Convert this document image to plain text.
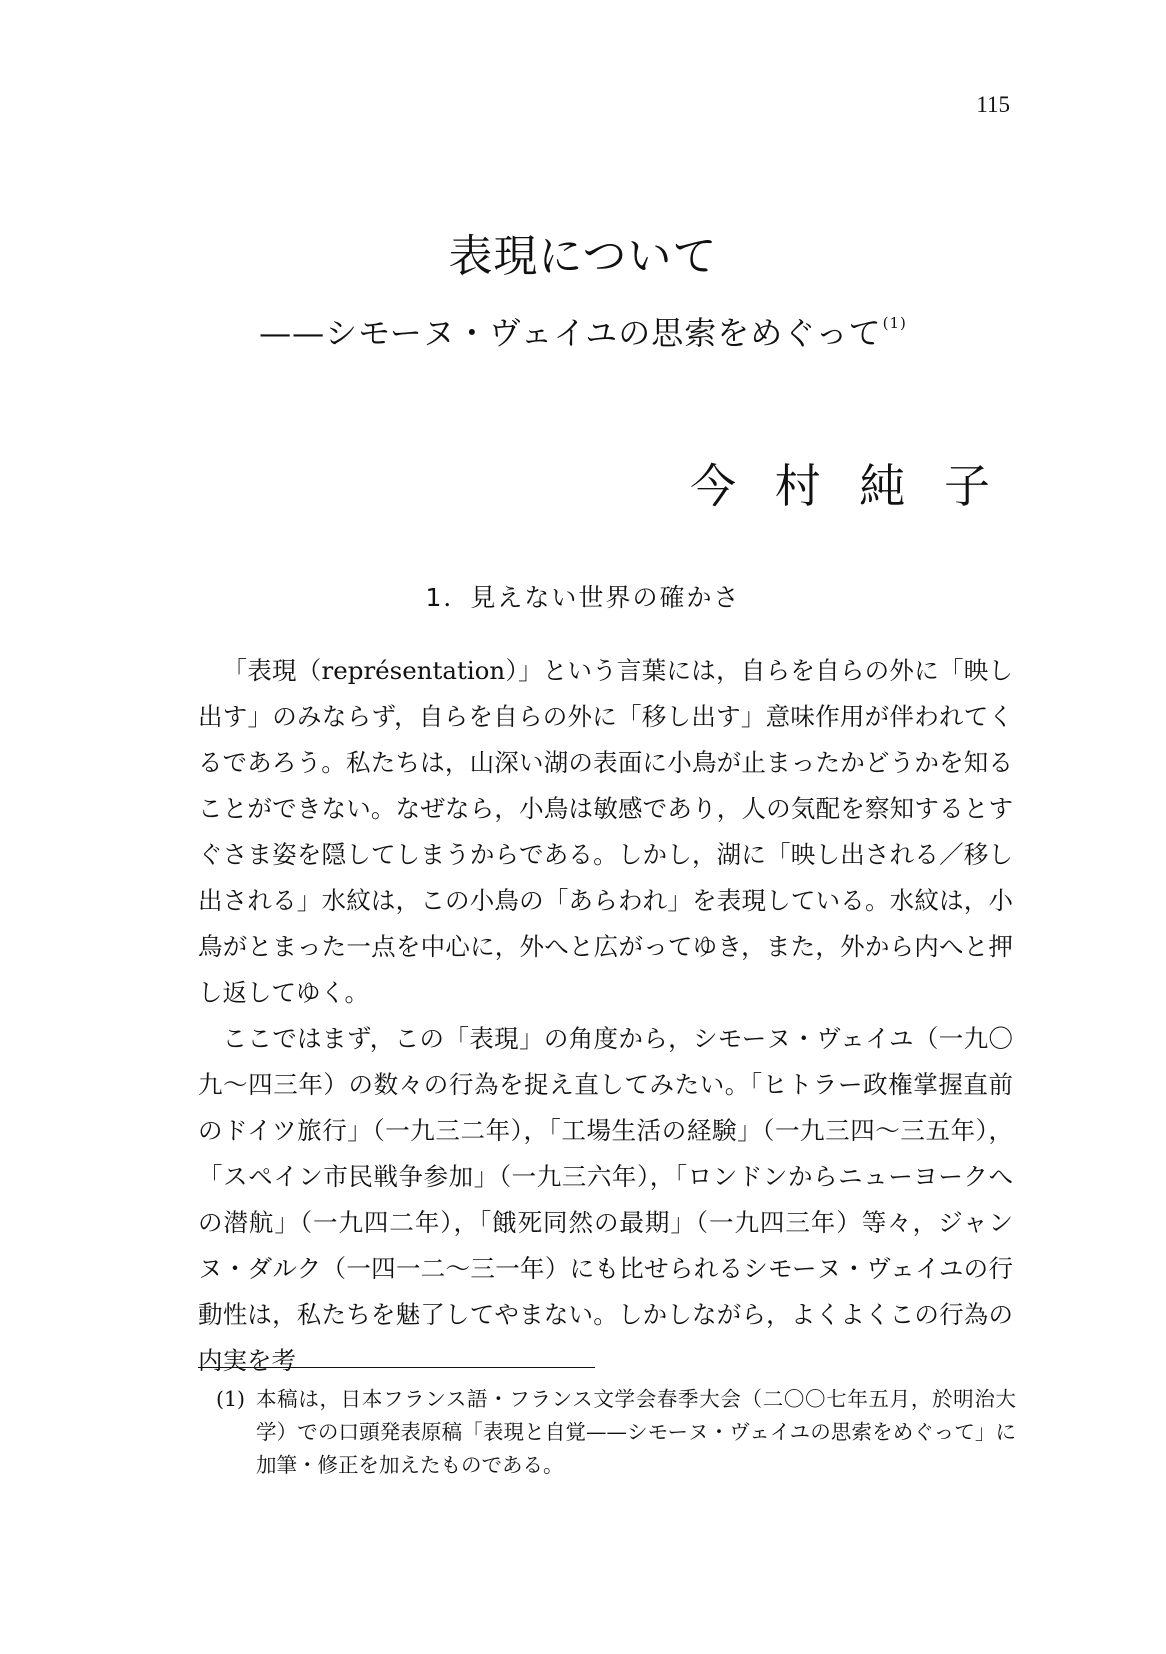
115
表現について
——シモーヌ・ヴェイユの思索をめぐって$^{(1)}$
今 村 純 子
1．見えない世界の確かさ

「表現（représentation）」という言葉には，自らを自らの外に「映し出す」のみならず，自らを自らの外に「移し出す」意味作用が伴われてくるであろう。私たちは，山深い湖の表面に小鳥が止まったかどうかを知ることができない。なぜなら，小鳥は敏感であり，人の気配を察知するとすぐさま姿を隠してしまうからである。しかし，湖に「映し出される／移し出される」水紋は，この小鳥の「あらわれ」を表現している。水紋は，小鳥がとまった一点を中心に，外へと広がってゆき，また，外から内へと押し返してゆく。

ここではまず，この「表現」の角度から，シモーヌ・ヴェイユ（一九〇九～四三年）の数々の行為を捉え直してみたい。「ヒトラー政権掌握直前のドイツ旅行」（一九三二年），「工場生活の経験」（一九三四～三五年），「スペイン市民戦争参加」（一九三六年），「ロンドンからニューヨークへの潜航」（一九四二年），「餓死同然の最期」（一九四三年）等々，ジャンヌ・ダルク（一四一二～三一年）にも比せられるシモーヌ・ヴェイユの行動性は，私たちを魅了してやまない。しかしながら，よくよくこの行為の内実を考

(1) 本稿は，日本フランス語・フランス文学会春季大会（二〇〇七年五月，於明治大学）での口頭発表原稿「表現と自覚——シモーヌ・ヴェイユの思索をめぐって」に加筆・修正を加えたものである。
